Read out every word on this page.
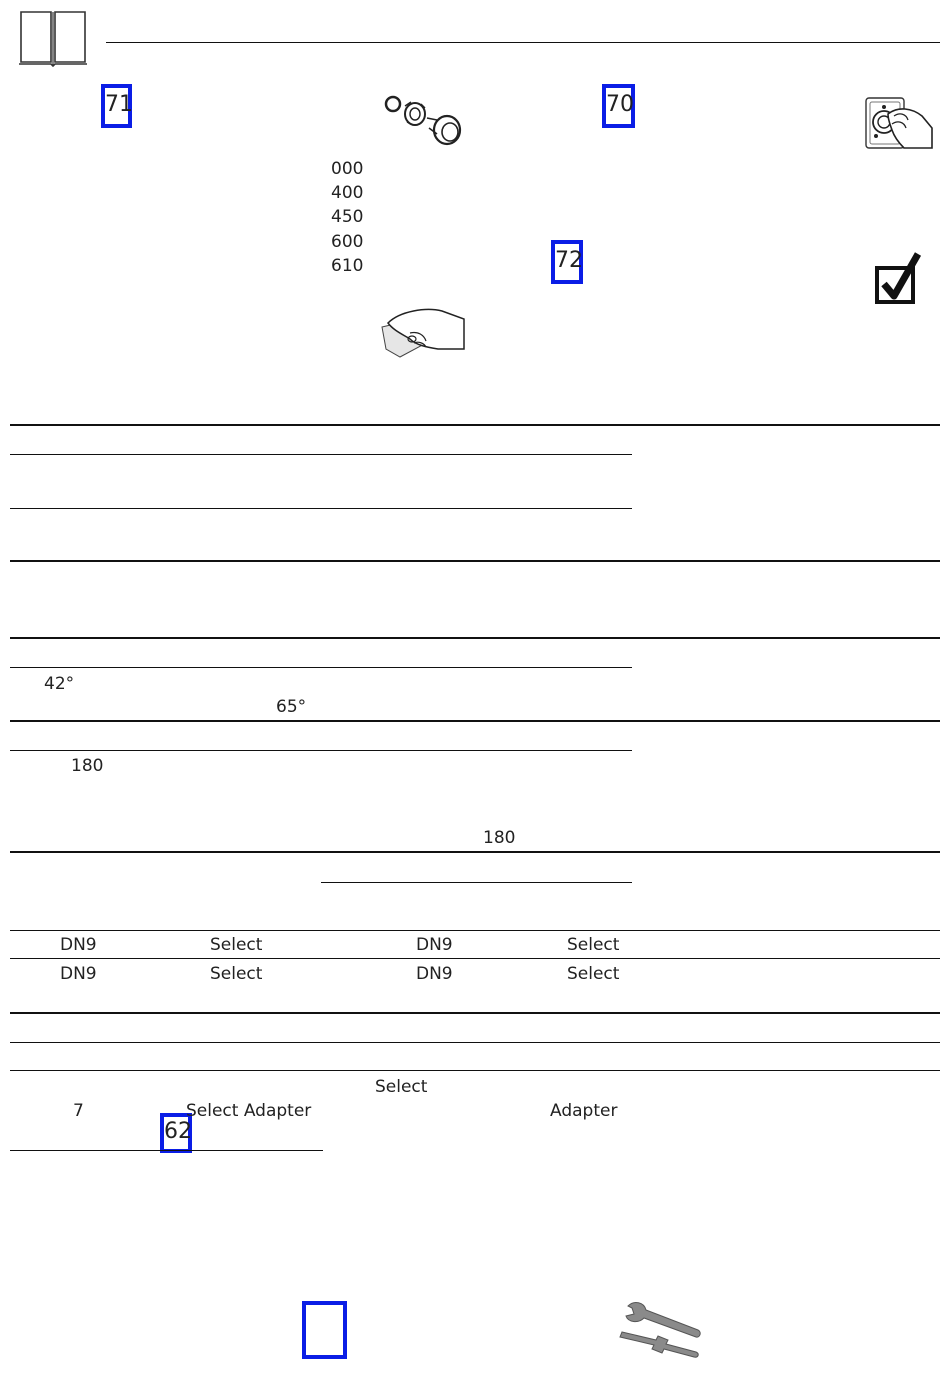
71	70
72
62
000
400
450
600
610
42°
65°
180
180
DN9	Select	DN9	Select
DN9	Select	DN9	Select
Select
7	Select Adapter	Adapter
